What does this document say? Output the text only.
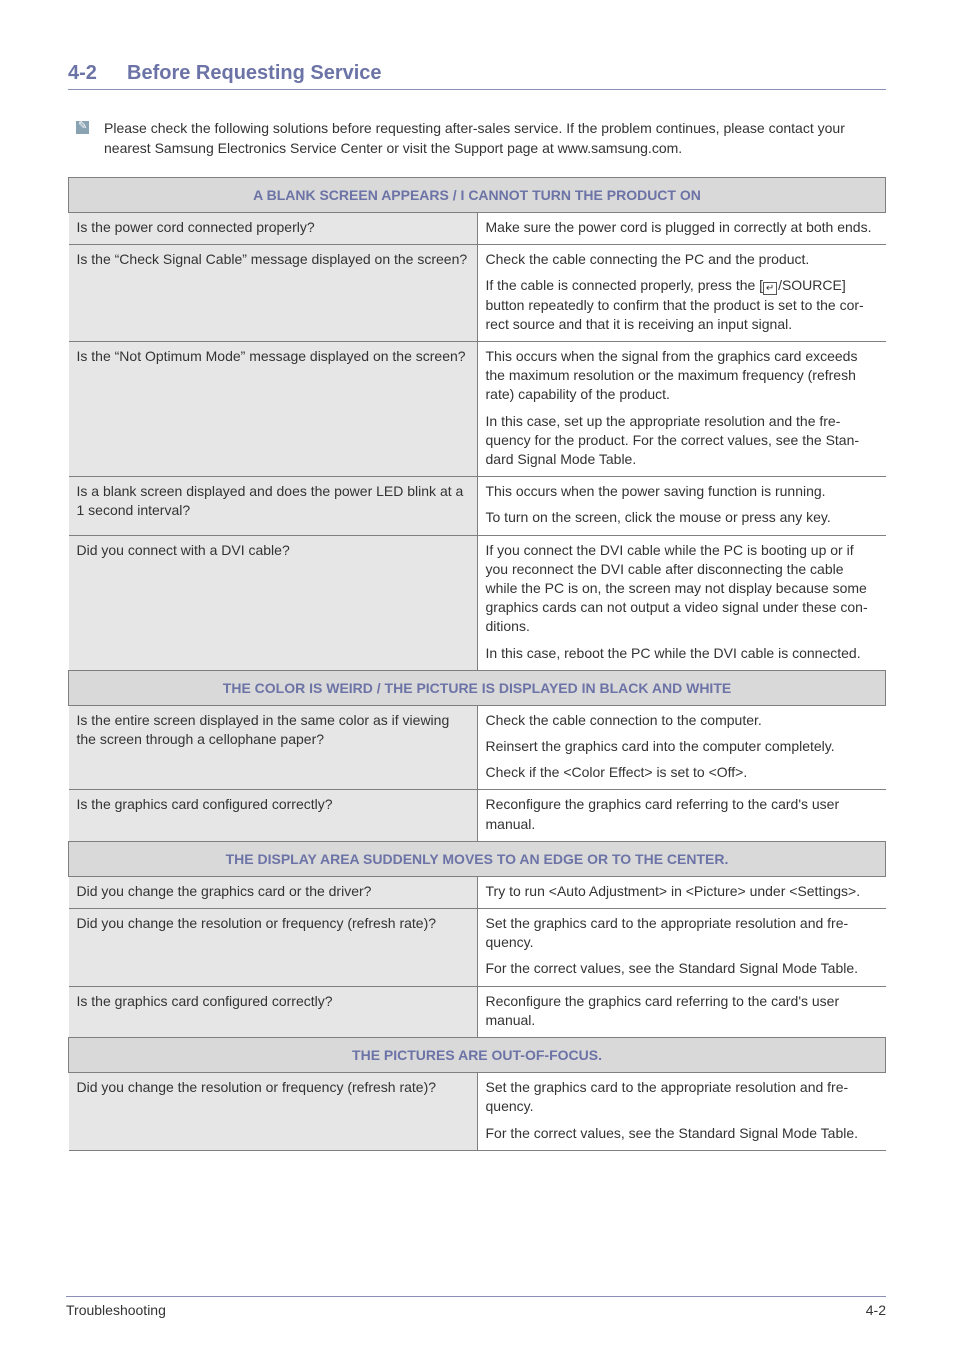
4-2 Before Requesting Service
✎ Please check the following solutions before requesting after-sales service. If the problem continues, please contact your nearest Samsung Electronics Service Center or visit the Support page at www.samsung.com.
A BLANK SCREEN APPEARS / I CANNOT TURN THE PRODUCT ON	
Is the power cord connected properly?	Make sure the power cord is plugged in correctly at both ends.

Is the “Check Signal Cable” message displayed on the screen?	Check the cable connecting the PC and the product.

If the cable is connected properly, press the [ ↵ /SOURCE] button repeatedly to confirm that the product is set to the cor-rect source and that it is receiving an input signal.

Is the “Not Optimum Mode” message displayed on the screen?	This occurs when the signal from the graphics card exceeds the maximum resolution or the maximum frequency (refresh rate) capability of the product.

In this case, set up the appropriate resolution and the fre-quency for the product. For the correct values, see the Stan-dard Signal Mode Table.

Is a blank screen displayed and does the power LED blink at a 1 second interval?	This occurs when the power saving function is running.

To turn on the screen, click the mouse or press any key.

Did you connect with a DVI cable?	If you connect the DVI cable while the PC is booting up or if you reconnect the DVI cable after disconnecting the cable while the PC is on, the screen may not display because some graphics cards can not output a video signal under these con-ditions.

In this case, reboot the PC while the DVI cable is connected.

THE COLOR IS WEIRD / THE PICTURE IS DISPLAYED IN BLACK AND WHITE	
Is the entire screen displayed in the same color as if viewing the screen through a cellophane paper?	Check the cable connection to the computer.

Reinsert the graphics card into the computer completely.

Check if the <Color Effect> is set to <Off>.

Is the graphics card configured correctly?	Reconfigure the graphics card referring to the card's user manual.

THE DISPLAY AREA SUDDENLY MOVES TO AN EDGE OR TO THE CENTER.	
Did you change the graphics card or the driver?	Try to run <Auto Adjustment> in <Picture> under <Settings>.

Did you change the resolution or frequency (refresh rate)?	Set the graphics card to the appropriate resolution and fre-quency.

For the correct values, see the Standard Signal Mode Table.

Is the graphics card configured correctly?	Reconfigure the graphics card referring to the card's user manual.

THE PICTURES ARE OUT-OF-FOCUS.	
Did you change the resolution or frequency (refresh rate)?	Set the graphics card to the appropriate resolution and fre-quency.

For the correct values, see the Standard Signal Mode Table.

Troubleshooting	4-2
